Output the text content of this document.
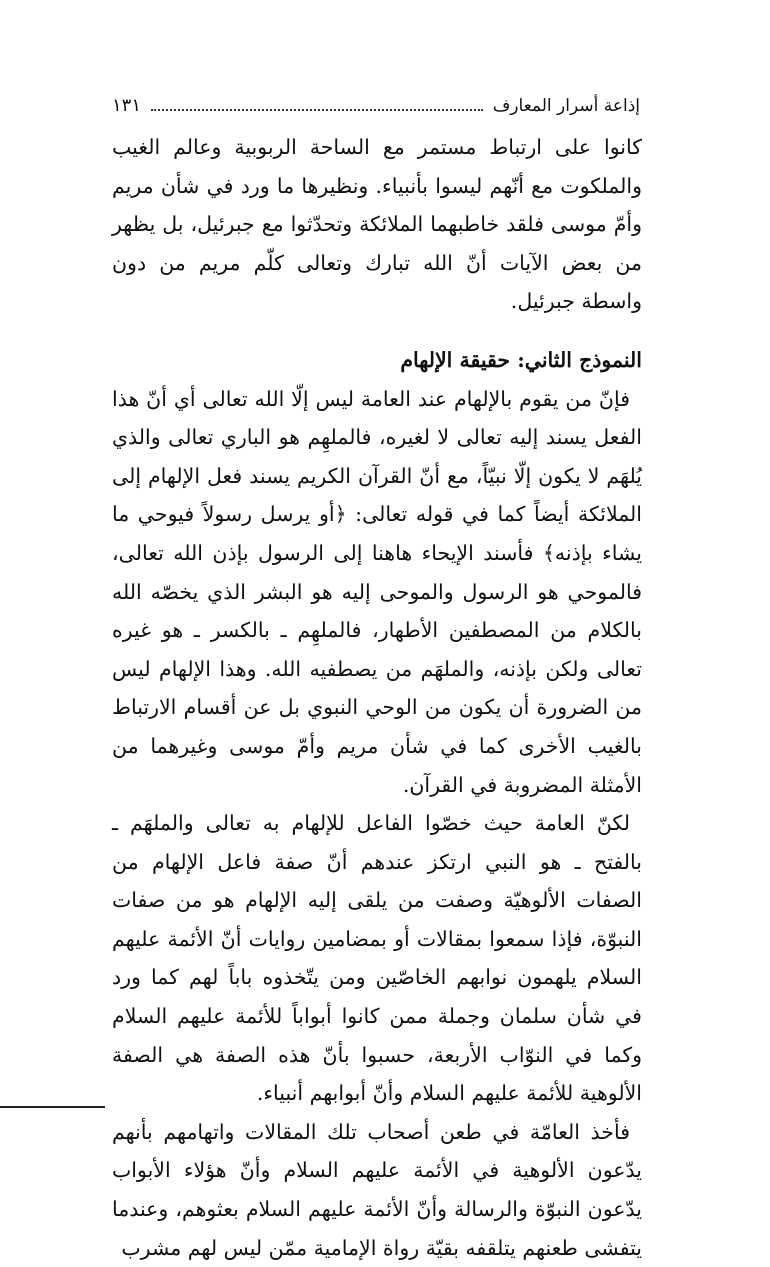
إذاعة أسرار المعارف
١٣١

كانوا على ارتباط مستمر مع الساحة الربوبية وعالم الغيب والملكوت مع أنّهم ليسوا بأنبياء. ونظيرها ما ورد في شأن مريم وأمّ موسى فلقد خاطبهما الملائكة وتحدّثوا مع جبرئيل، بل يظهر من بعض الآيات أنّ الله تبارك وتعالى كلّم مريم من دون واسطة جبرئيل.

النموذج الثاني: حقيقة الإلهام

فإنّ من يقوم بالإلهام عند العامة ليس إلّا الله تعالى أي أنّ هذا الفعل يسند إليه تعالى لا لغيره، فالملهِم هو الباري تعالى والذي يُلهَم لا يكون إلّا نبيّاً، مع أنّ القرآن الكريم يسند فعل الإلهام إلى الملائكة أيضاً كما في قوله تعالى: ﴿أو يرسل رسولاً فيوحي ما يشاء بإذنه﴾ فأسند الإيحاء هاهنا إلى الرسول بإذن الله تعالى، فالموحي هو الرسول والموحى إليه هو البشر الذي يخصّه الله بالكلام من المصطفين الأطهار، فالملهِم ـ بالكسر ـ هو غيره تعالى ولكن بإذنه، والملهَم من يصطفيه الله. وهذا الإلهام ليس من الضرورة أن يكون من الوحي النبوي بل عن أقسام الارتباط بالغيب الأخرى كما في شأن مريم وأمّ موسى وغيرهما من الأمثلة المضروبة في القرآن.

لكنّ العامة حيث خصّوا الفاعل للإلهام به تعالى والملهَم ـ بالفتح ـ هو النبي ارتكز عندهم أنّ صفة فاعل الإلهام من الصفات الألوهيّة وصفت من يلقى إليه الإلهام هو من صفات النبوّة، فإذا سمعوا بمقالات أو بمضامين روايات أنّ الأئمة عليهم السلام يلهمون نوابهم الخاصّين ومن يتّخذوه باباً لهم كما ورد في شأن سلمان وجملة ممن كانوا أبواباً للأئمة عليهم السلام وكما في النوّاب الأربعة، حسبوا بأنّ هذه الصفة هي الصفة الألوهية للأئمة عليهم السلام وأنّ أبوابهم أنبياء.

فأخذ العامّة في طعن أصحاب تلك المقالات واتهامهم بأنهم يدّعون الألوهية في الأئمة عليهم السلام وأنّ هؤلاء الأبواب يدّعون النبوّة والرسالة وأنّ الأئمة عليهم السلام بعثوهم، وعندما يتفشى طعنهم يتلقفه بقيّة رواة الإمامية ممّن ليس لهم مشرب
